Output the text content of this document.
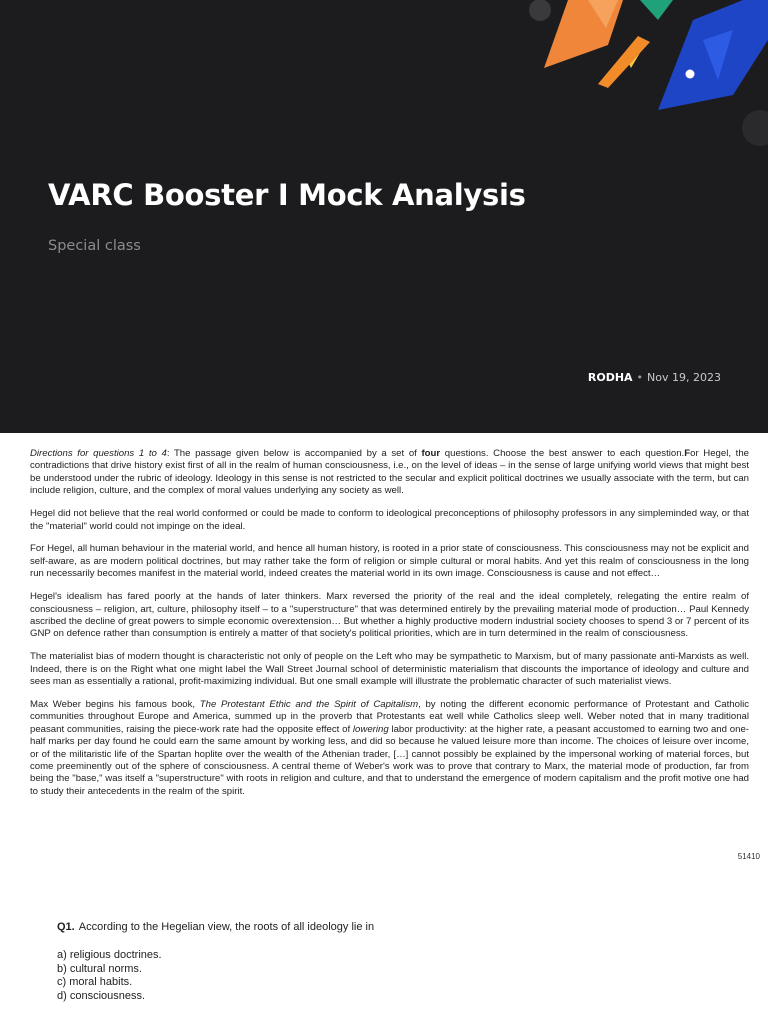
VARC Booster I Mock Analysis
Special class
RODHA • Nov 19, 2023

Directions for questions 1 to 4: The passage given below is accompanied by a set of four questions. Choose the best answer to each question.For Hegel, the contradictions that drive history exist first of all in the realm of human consciousness, i.e., on the level of ideas – in the sense of large unifying world views that might best be understood under the rubric of ideology. Ideology in this sense is not restricted to the secular and explicit political doctrines we usually associate with the term, but can include religion, culture, and the complex of moral values underlying any society as well.

Hegel did not believe that the real world conformed or could be made to conform to ideological preconceptions of philosophy professors in any simpleminded way, or that the "material" world could not impinge on the ideal.

For Hegel, all human behaviour in the material world, and hence all human history, is rooted in a prior state of consciousness. This consciousness may not be explicit and self-aware, as are modern political doctrines, but may rather take the form of religion or simple cultural or moral habits. And yet this realm of consciousness in the long run necessarily becomes manifest in the material world, indeed creates the material world in its own image. Consciousness is cause and not effect…

Hegel's idealism has fared poorly at the hands of later thinkers. Marx reversed the priority of the real and the ideal completely, relegating the entire realm of consciousness – religion, art, culture, philosophy itself – to a "superstructure" that was determined entirely by the prevailing material mode of production… Paul Kennedy ascribed the decline of great powers to simple economic overextension… But whether a highly productive modern industrial society chooses to spend 3 or 7 percent of its GNP on defence rather than consumption is entirely a matter of that society's political priorities, which are in turn determined in the realm of consciousness.

The materialist bias of modern thought is characteristic not only of people on the Left who may be sympathetic to Marxism, but of many passionate anti-Marxists as well. Indeed, there is on the Right what one might label the Wall Street Journal school of deterministic materialism that discounts the importance of ideology and culture and sees man as essentially a rational, profit-maximizing individual. But one small example will illustrate the problematic character of such materialist views.

Max Weber begins his famous book, The Protestant Ethic and the Spirit of Capitalism, by noting the different economic performance of Protestant and Catholic communities throughout Europe and America, summed up in the proverb that Protestants eat well while Catholics sleep well. Weber noted that in many traditional peasant communities, raising the piece-work rate had the opposite effect of lowering labor productivity: at the higher rate, a peasant accustomed to earning two and one-half marks per day found he could earn the same amount by working less, and did so because he valued leisure more than income. The choices of leisure over income, or of the militaristic life of the Spartan hoplite over the wealth of the Athenian trader, […] cannot possibly be explained by the impersonal working of material forces, but come preeminently out of the sphere of consciousness. A central theme of Weber's work was to prove that contrary to Marx, the material mode of production, far from being the "base," was itself a "superstructure" with roots in religion and culture, and that to understand the emergence of modern capitalism and the profit motive one had to study their antecedents in the realm of the spirit.

51410
Q1. According to the Hegelian view, the roots of all ideology lie in
a) religious doctrines.
b) cultural norms.
c) moral habits.
d) consciousness.
